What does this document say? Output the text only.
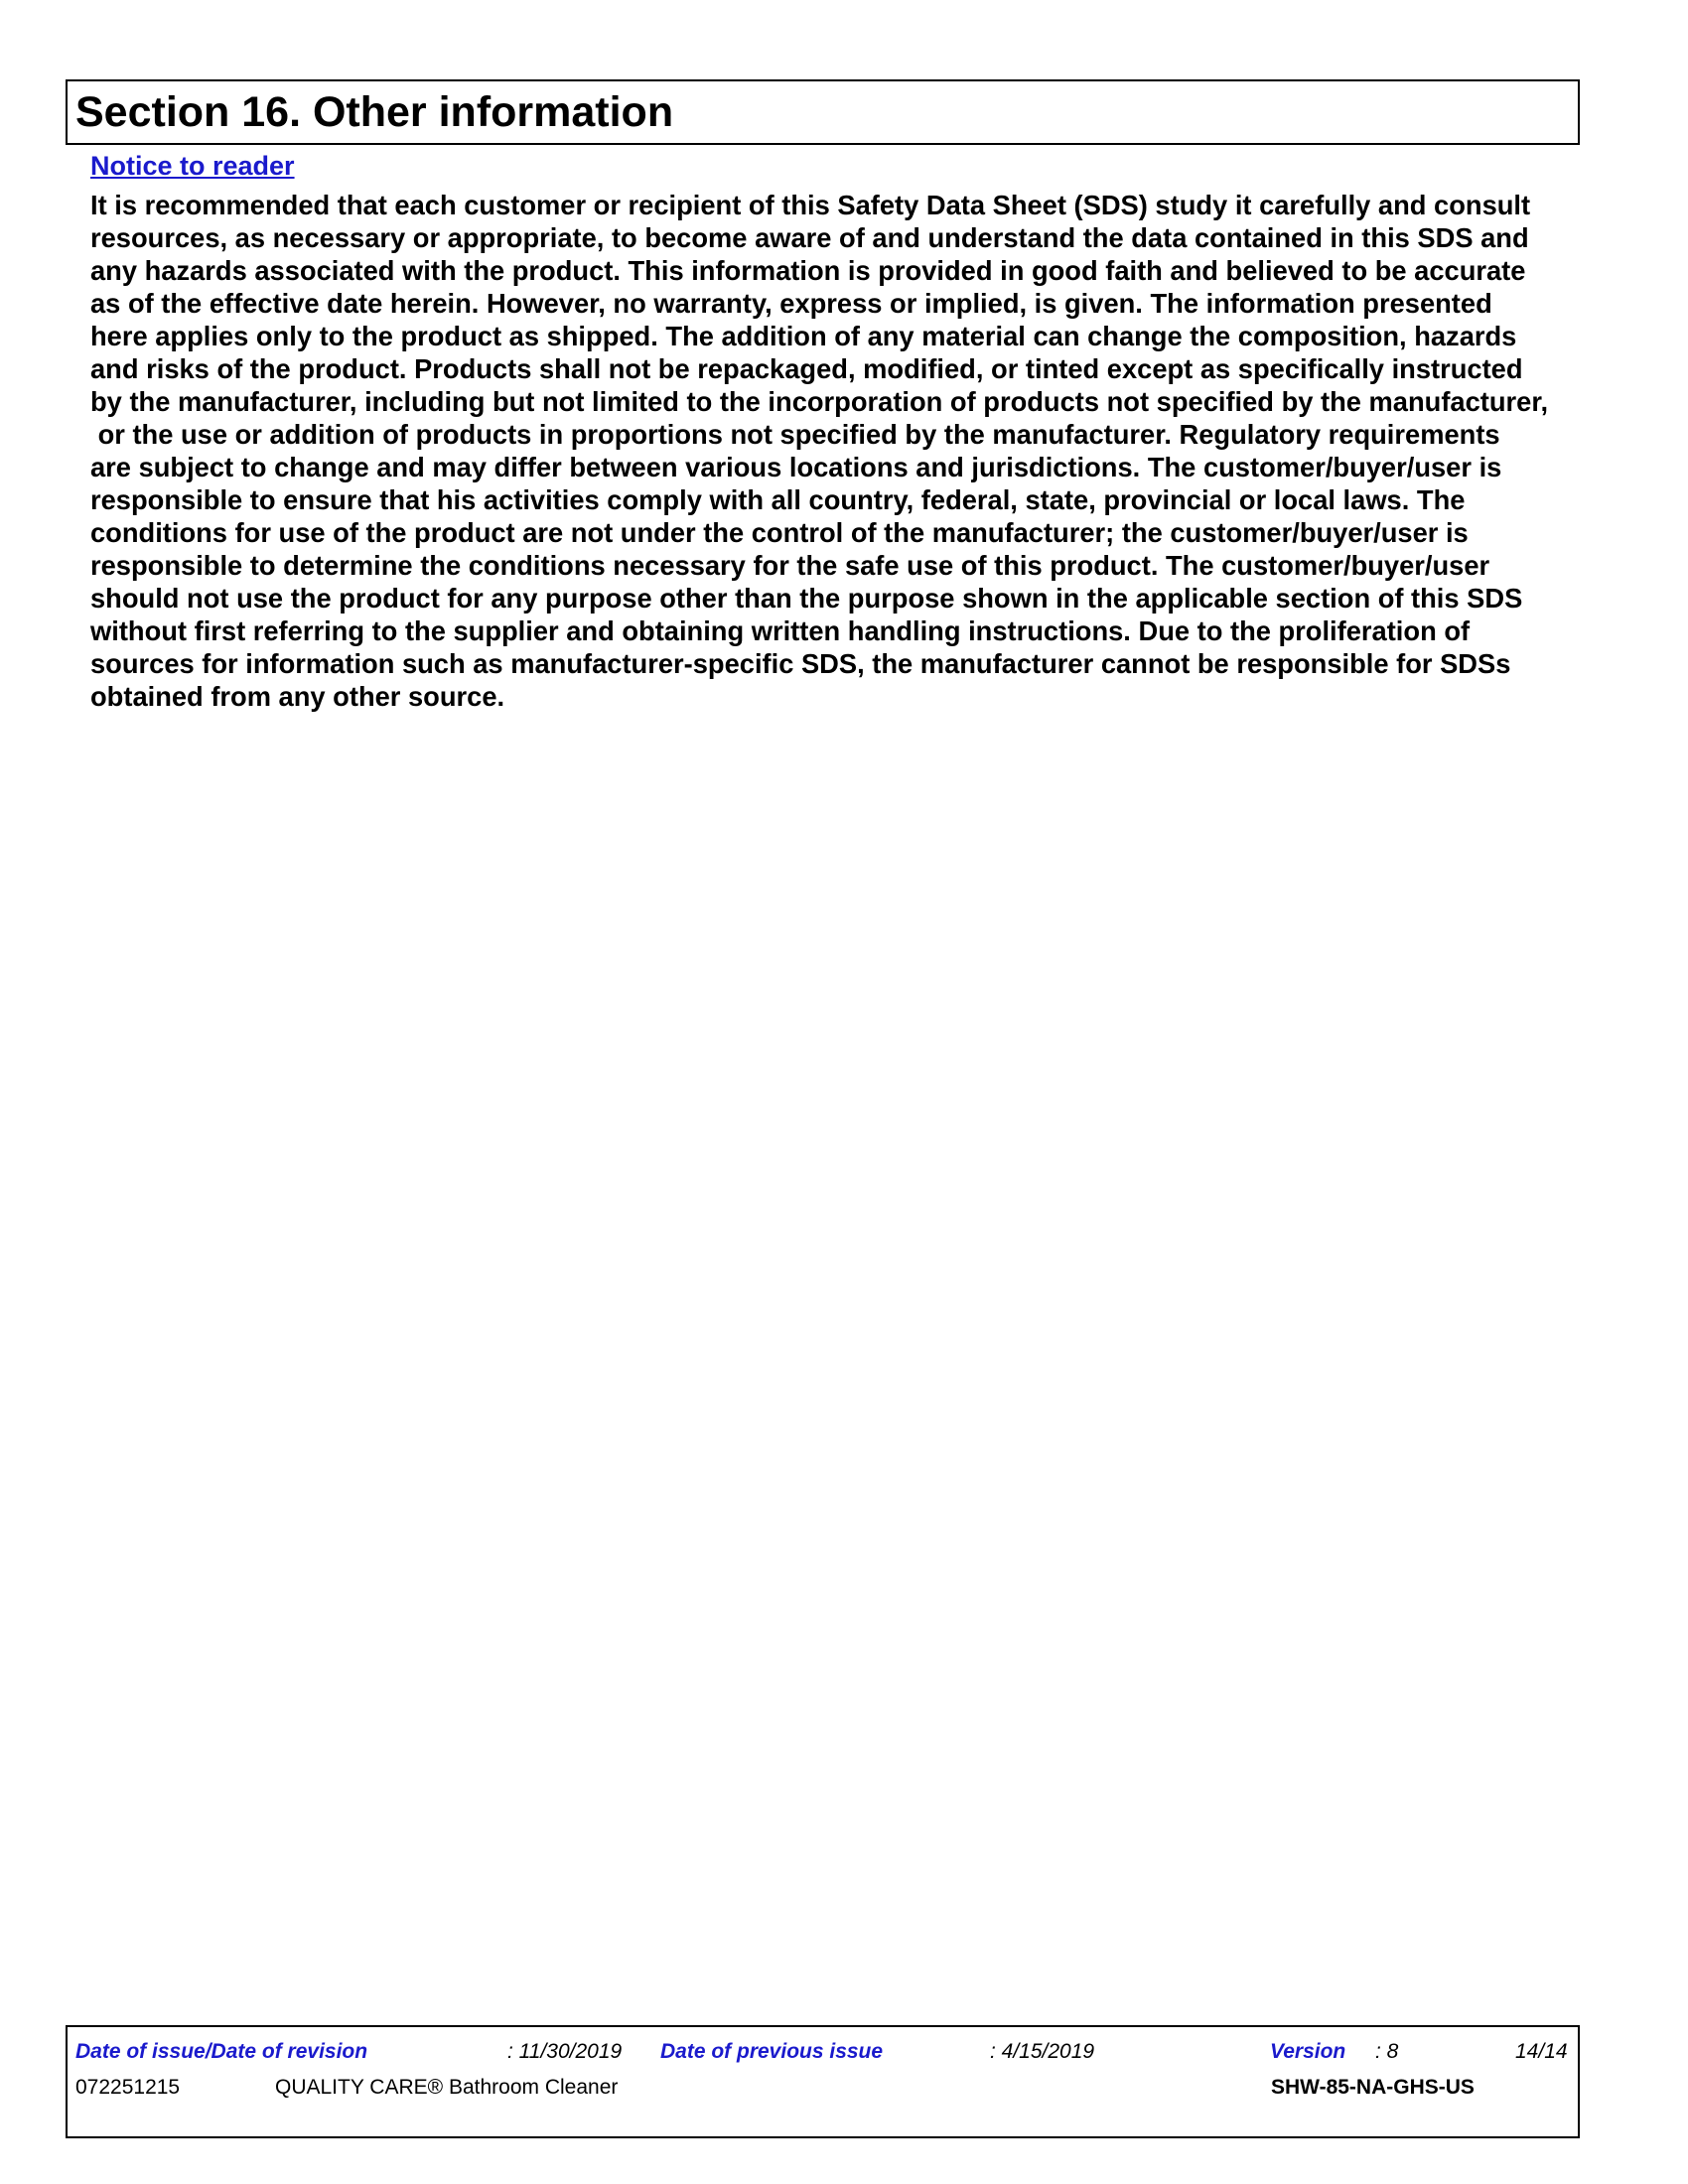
Section 16. Other information
Notice to reader
It is recommended that each customer or recipient of this Safety Data Sheet (SDS) study it carefully and consult
resources, as necessary or appropriate, to become aware of and understand the data contained in this SDS and
any hazards associated with the product. This information is provided in good faith and believed to be accurate
as of the effective date herein. However, no warranty, express or implied, is given. The information presented
here applies only to the product as shipped. The addition of any material can change the composition, hazards
and risks of the product. Products shall not be repackaged, modified, or tinted except as specifically instructed
by the manufacturer, including but not limited to the incorporation of products not specified by the manufacturer,
or the use or addition of products in proportions not specified by the manufacturer. Regulatory requirements
are subject to change and may differ between various locations and jurisdictions. The customer/buyer/user is
responsible to ensure that his activities comply with all country, federal, state, provincial or local laws. The
conditions for use of the product are not under the control of the manufacturer; the customer/buyer/user is
responsible to determine the conditions necessary for the safe use of this product. The customer/buyer/user
should not use the product for any purpose other than the purpose shown in the applicable section of this SDS
without first referring to the supplier and obtaining written handling instructions. Due to the proliferation of
sources for information such as manufacturer-specific SDS, the manufacturer cannot be responsible for SDSs
obtained from any other source.
Date of issue/Date of revision	: 11/30/2019 Date of previous issue	: 4/15/2019	Version : 8	14/14
072251215	QUALITY CARE® Bathroom Cleaner	SHW-85-NA-GHS-US
